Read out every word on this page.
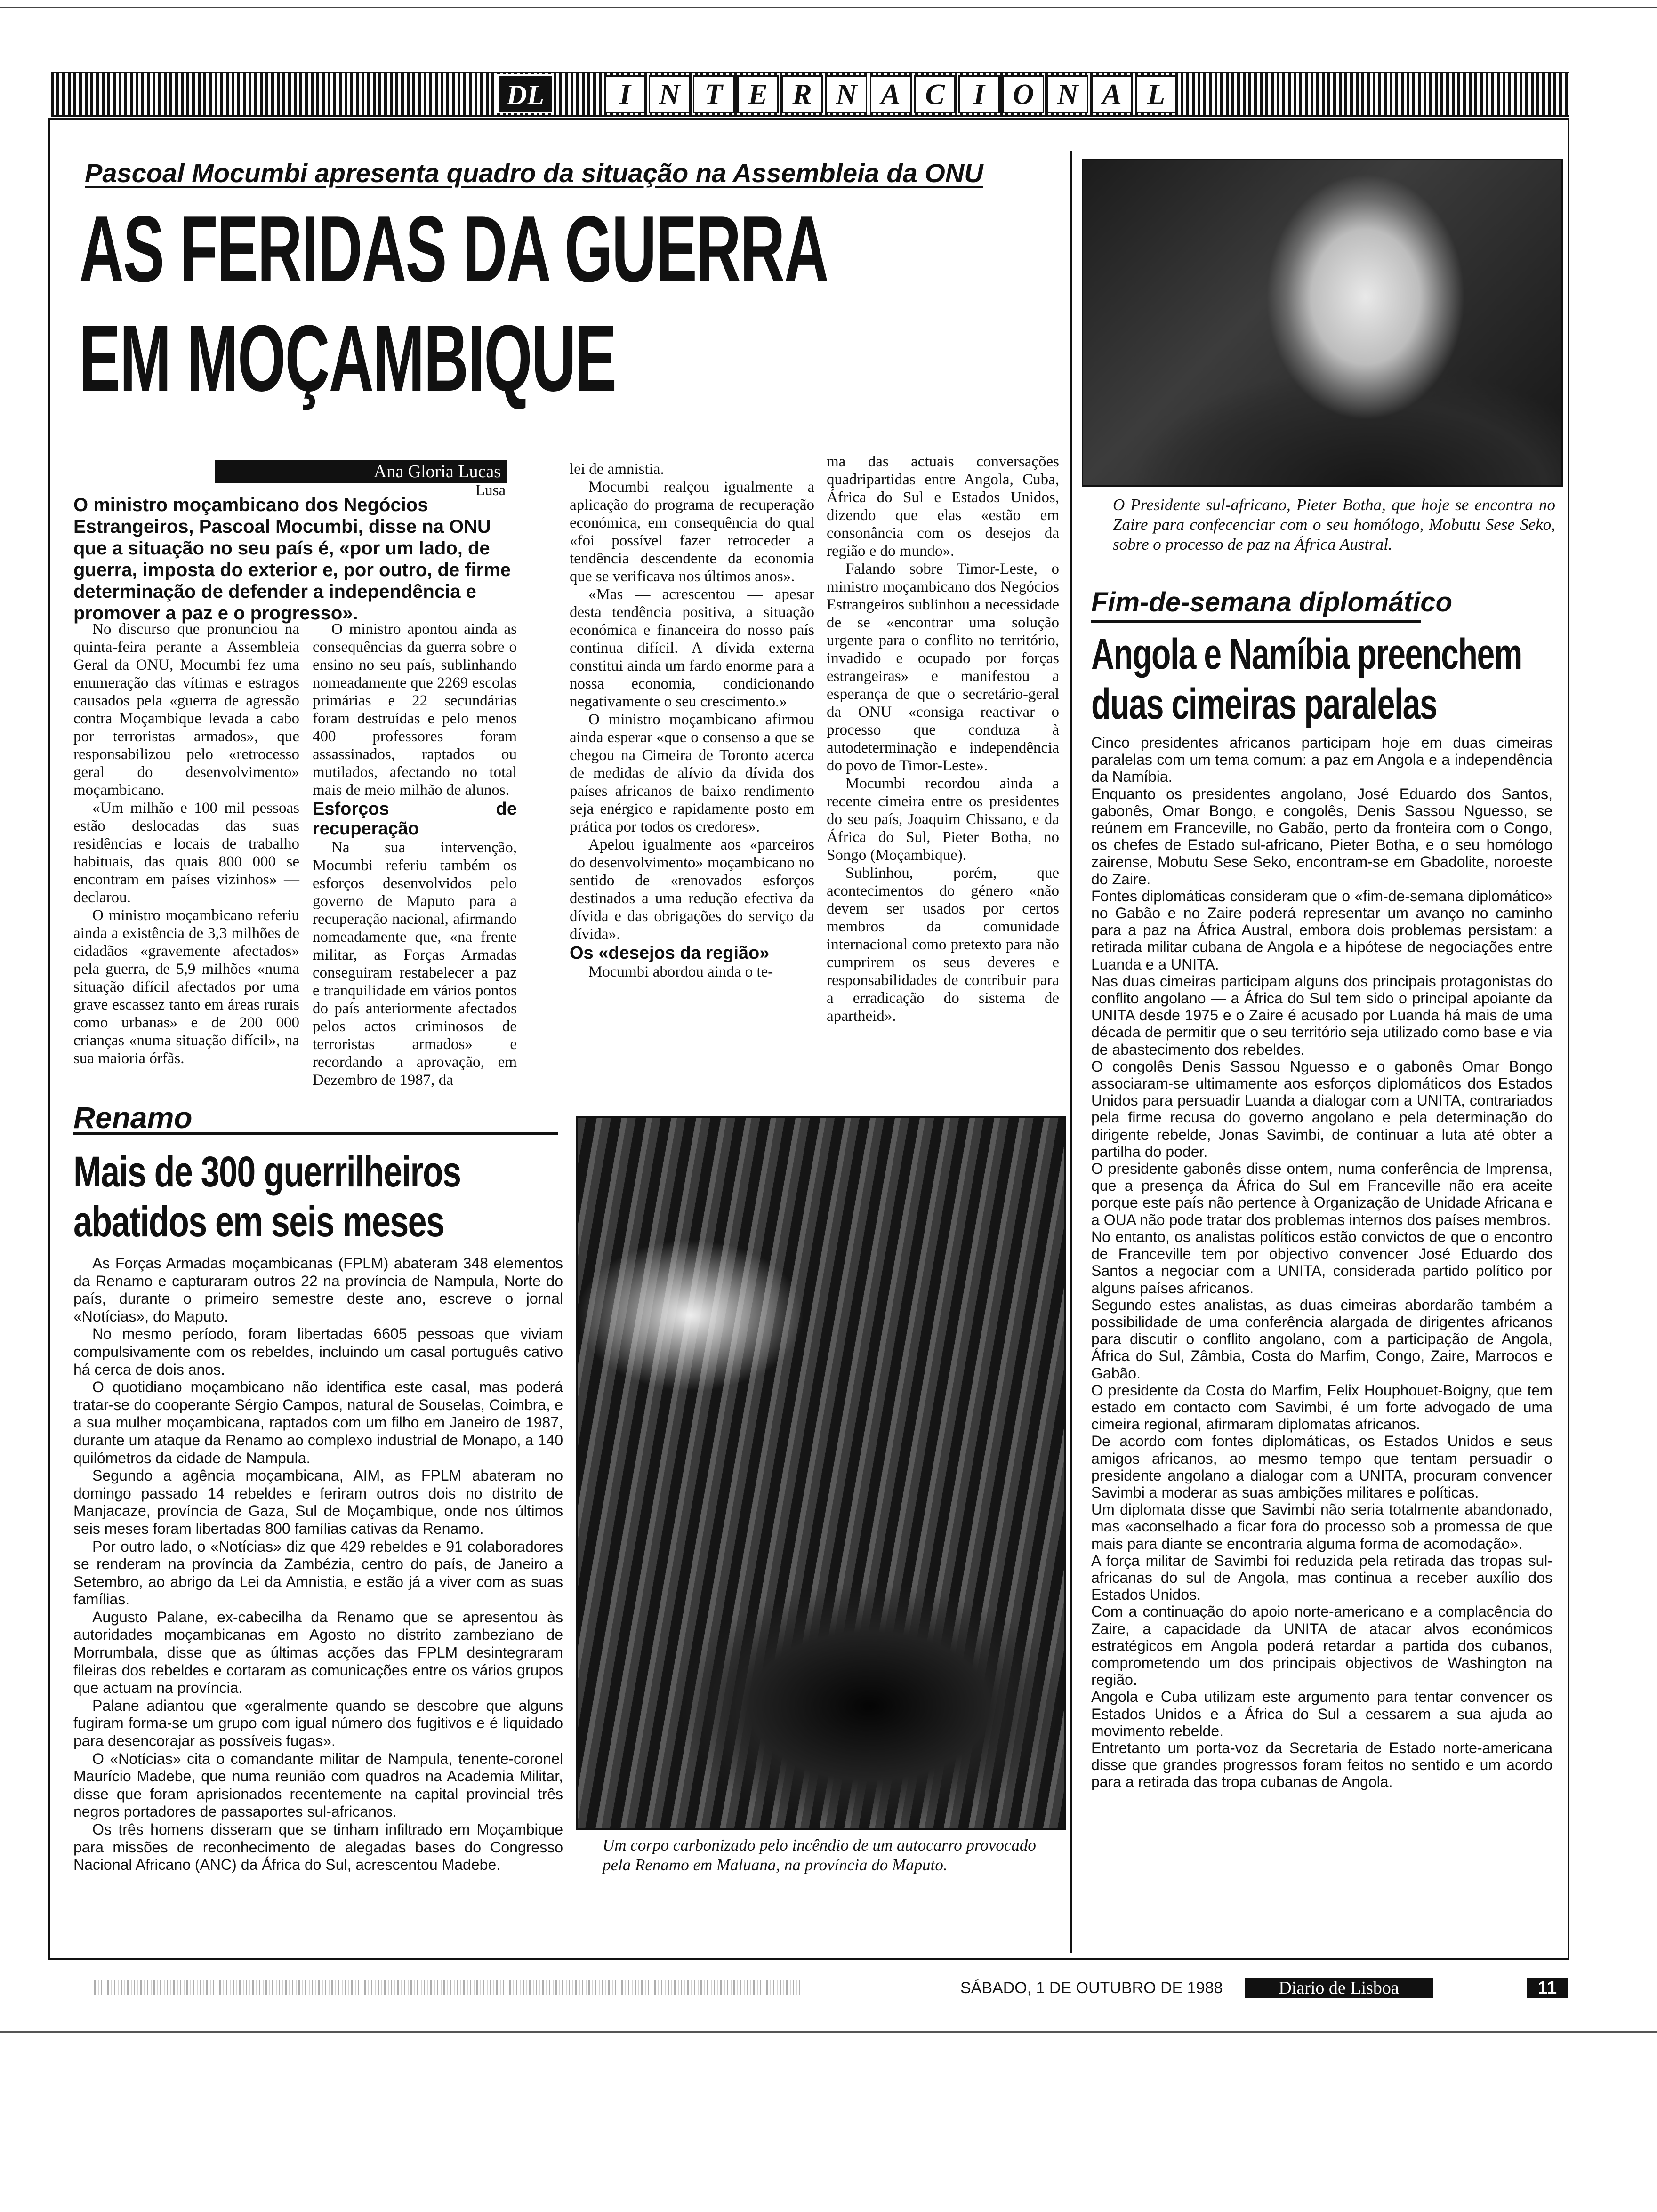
DL	I N T E R N A C I O N A L
Pascoal Mocumbi apresenta quadro da situação na Assembleia da ONU
AS FERIDAS DA GUERRA
EM MOÇAMBIQUE
Ana Gloria Lucas
Lusa
O ministro moçambicano dos Negócios Estrangeiros, Pascoal Mocumbi, disse na ONU que a situação no seu país é, «por um lado, de guerra, imposta do exterior e, por outro, de firme determinação de defender a independência e promover a paz e o progresso».

No discurso que pronunciou na quinta-feira perante a Assembleia Geral da ONU, Mocumbi fez uma enumeração das vítimas e estragos causados pela «guerra de agressão contra Moçambique levada a cabo por terroristas armados», que responsabilizou pelo «retrocesso geral do desenvolvimento» moçambicano.

«Um milhão e 100 mil pessoas estão deslocadas das suas residências e locais de trabalho habituais, das quais 800 000 se encontram em países vizinhos» — declarou.

O ministro moçambicano referiu ainda a existência de 3,3 milhões de cidadãos «gravemente afectados» pela guerra, de 5,9 milhões «numa situação difícil afectados por uma grave escassez tanto em áreas rurais como urbanas» e de 200 000 crianças «numa situação difícil», na sua maioria órfãs.

O ministro apontou ainda as consequências da guerra sobre o ensino no seu país, sublinhando nomeadamente que 2269 escolas primárias e 22 secundárias foram destruídas e pelo menos 400 professores foram assassinados, raptados ou mutilados, afectando no total mais de meio milhão de alunos.

Esforços de recuperação

Na sua intervenção, Mocumbi referiu também os esforços desenvolvidos pelo governo de Maputo para a recuperação nacional, afirmando nomeadamente que, «na frente militar, as Forças Armadas conseguiram restabelecer a paz e tranquilidade em vários pontos do país anteriormente afectados pelos actos criminosos de terroristas armados» e recordando a aprovação, em Dezembro de 1987, da

lei de amnistia.

Mocumbi realçou igualmente a aplicação do programa de recuperação económica, em consequência do qual «foi possível fazer retroceder a tendência descendente da economia que se verificava nos últimos anos».

«Mas — acrescentou — apesar desta tendência positiva, a situação económica e financeira do nosso país continua difícil. A dívida externa constitui ainda um fardo enorme para a nossa economia, condicionando negativamente o seu crescimento.»

O ministro moçambicano afirmou ainda esperar «que o consenso a que se chegou na Cimeira de Toronto acerca de medidas de alívio da dívida dos países africanos de baixo rendimento seja enérgico e rapidamente posto em prática por todos os credores».

Apelou igualmente aos «parceiros do desenvolvimento» moçambicano no sentido de «renovados esforços destinados a uma redução efectiva da dívida e das obrigações do serviço da dívida».

Os «desejos da região»

Mocumbi abordou ainda o te-

ma das actuais conversações quadripartidas entre Angola, Cuba, África do Sul e Estados Unidos, dizendo que elas «estão em consonância com os desejos da região e do mundo».

Falando sobre Timor-Leste, o ministro moçambicano dos Negócios Estrangeiros sublinhou a necessidade de se «encontrar uma solução urgente para o conflito no território, invadido e ocupado por forças estrangeiras» e manifestou a esperança de que o secretário-geral da ONU «consiga reactivar o processo que conduza à autodeterminação e independência do povo de Timor-Leste».

Mocumbi recordou ainda a recente cimeira entre os presidentes do seu país, Joaquim Chissano, e da África do Sul, Pieter Botha, no Songo (Moçambique).

Sublinhou, porém, que acontecimentos do género «não devem ser usados por certos membros da comunidade internacional como pretexto para não cumprirem os seus deveres e responsabilidades de contribuir para a erradicação do sistema de apartheid».

Renamo
Mais de 300 guerrilheiros
abatidos em seis meses

As Forças Armadas moçambicanas (FPLM) abateram 348 elementos da Renamo e capturaram outros 22 na província de Nampula, Norte do país, durante o primeiro semestre deste ano, escreve o jornal «Notícias», do Maputo.

No mesmo período, foram libertadas 6605 pessoas que viviam compulsivamente com os rebeldes, incluindo um casal português cativo há cerca de dois anos.

O quotidiano moçambicano não identifica este casal, mas poderá tratar-se do cooperante Sérgio Campos, natural de Souselas, Coimbra, e a sua mulher moçambicana, raptados com um filho em Janeiro de 1987, durante um ataque da Renamo ao complexo industrial de Monapo, a 140 quilómetros da cidade de Nampula.

Segundo a agência moçambicana, AIM, as FPLM abateram no domingo passado 14 rebeldes e feriram outros dois no distrito de Manjacaze, província de Gaza, Sul de Moçambique, onde nos últimos seis meses foram libertadas 800 famílias cativas da Renamo.

Por outro lado, o «Notícias» diz que 429 rebeldes e 91 colaboradores se renderam na província da Zambézia, centro do país, de Janeiro a Setembro, ao abrigo da Lei da Amnistia, e estão já a viver com as suas famílias.

Augusto Palane, ex-cabecilha da Renamo que se apresentou às autoridades moçambicanas em Agosto no distrito zambeziano de Morrumbala, disse que as últimas acções das FPLM desintegraram fileiras dos rebeldes e cortaram as comunicações entre os vários grupos que actuam na província.

Palane adiantou que «geralmente quando se descobre que alguns fugiram forma-se um grupo com igual número dos fugitivos e é liquidado para desencorajar as possíveis fugas».

O «Notícias» cita o comandante militar de Nampula, tenente-coronel Maurício Madebe, que numa reunião com quadros na Academia Militar, disse que foram aprisionados recentemente na capital provincial três negros portadores de passaportes sul-africanos.

Os três homens disseram que se tinham infiltrado em Moçambique para missões de reconhecimento de alegadas bases do Congresso Nacional Africano (ANC) da África do Sul, acrescentou Madebe.

Um corpo carbonizado pelo incêndio de um autocarro provocado pela Renamo em Maluana, na província do Maputo.
O Presidente sul-africano, Pieter Botha, que hoje se encontra no Zaire para confecenciar com o seu homólogo, Mobutu Sese Seko, sobre o processo de paz na África Austral.
Fim-de-semana diplomático
Angola e Namíbia preenchem
duas cimeiras paralelas

Cinco presidentes africanos participam hoje em duas cimeiras paralelas com um tema comum: a paz em Angola e a independência da Namíbia.

Enquanto os presidentes angolano, José Eduardo dos Santos, gabonês, Omar Bongo, e congolês, Denis Sassou Nguesso, se reúnem em Franceville, no Gabão, perto da fronteira com o Congo, os chefes de Estado sul-africano, Pieter Botha, e o seu homólogo zairense, Mobutu Sese Seko, encontram-se em Gbadolite, noroeste do Zaire.

Fontes diplomáticas consideram que o «fim-de-semana diplomático» no Gabão e no Zaire poderá representar um avanço no caminho para a paz na África Austral, embora dois problemas persistam: a retirada militar cubana de Angola e a hipótese de negociações entre Luanda e a UNITA.

Nas duas cimeiras participam alguns dos principais protagonistas do conflito angolano — a África do Sul tem sido o principal apoiante da UNITA desde 1975 e o Zaire é acusado por Luanda há mais de uma década de permitir que o seu território seja utilizado como base e via de abastecimento dos rebeldes.

O congolês Denis Sassou Nguesso e o gabonês Omar Bongo associaram-se ultimamente aos esforços diplomáticos dos Estados Unidos para persuadir Luanda a dialogar com a UNITA, contrariados pela firme recusa do governo angolano e pela determinação do dirigente rebelde, Jonas Savimbi, de continuar a luta até obter a partilha do poder.

O presidente gabonês disse ontem, numa conferência de Imprensa, que a presença da África do Sul em Franceville não era aceite porque este país não pertence à Organização de Unidade Africana e a OUA não pode tratar dos problemas internos dos países membros.

No entanto, os analistas políticos estão convictos de que o encontro de Franceville tem por objectivo convencer José Eduardo dos Santos a negociar com a UNITA, considerada partido político por alguns países africanos.

Segundo estes analistas, as duas cimeiras abordarão também a possibilidade de uma conferência alargada de dirigentes africanos para discutir o conflito angolano, com a participação de Angola, África do Sul, Zâmbia, Costa do Marfim, Congo, Zaire, Marrocos e Gabão.

O presidente da Costa do Marfim, Felix Houphouet-Boigny, que tem estado em contacto com Savimbi, é um forte advogado de uma cimeira regional, afirmaram diplomatas africanos.

De acordo com fontes diplomáticas, os Estados Unidos e seus amigos africanos, ao mesmo tempo que tentam persuadir o presidente angolano a dialogar com a UNITA, procuram convencer Savimbi a moderar as suas ambições militares e políticas.

Um diplomata disse que Savimbi não seria totalmente abandonado, mas «aconselhado a ficar fora do processo sob a promessa de que mais para diante se encontraria alguma forma de acomodação».

A força militar de Savimbi foi reduzida pela retirada das tropas sul-africanas do sul de Angola, mas continua a receber auxílio dos Estados Unidos.

Com a continuação do apoio norte-americano e a complacência do Zaire, a capacidade da UNITA de atacar alvos económicos estratégicos em Angola poderá retardar a partida dos cubanos, comprometendo um dos principais objectivos de Washington na região.

Angola e Cuba utilizam este argumento para tentar convencer os Estados Unidos e a África do Sul a cessarem a sua ajuda ao movimento rebelde.

Entretanto um porta-voz da Secretaria de Estado norte-americana disse que grandes progressos foram feitos no sentido e um acordo para a retirada das tropa cubanas de Angola.

SÁBADO, 1 DE OUTUBRO DE 1988	Diario de Lisboa	11
